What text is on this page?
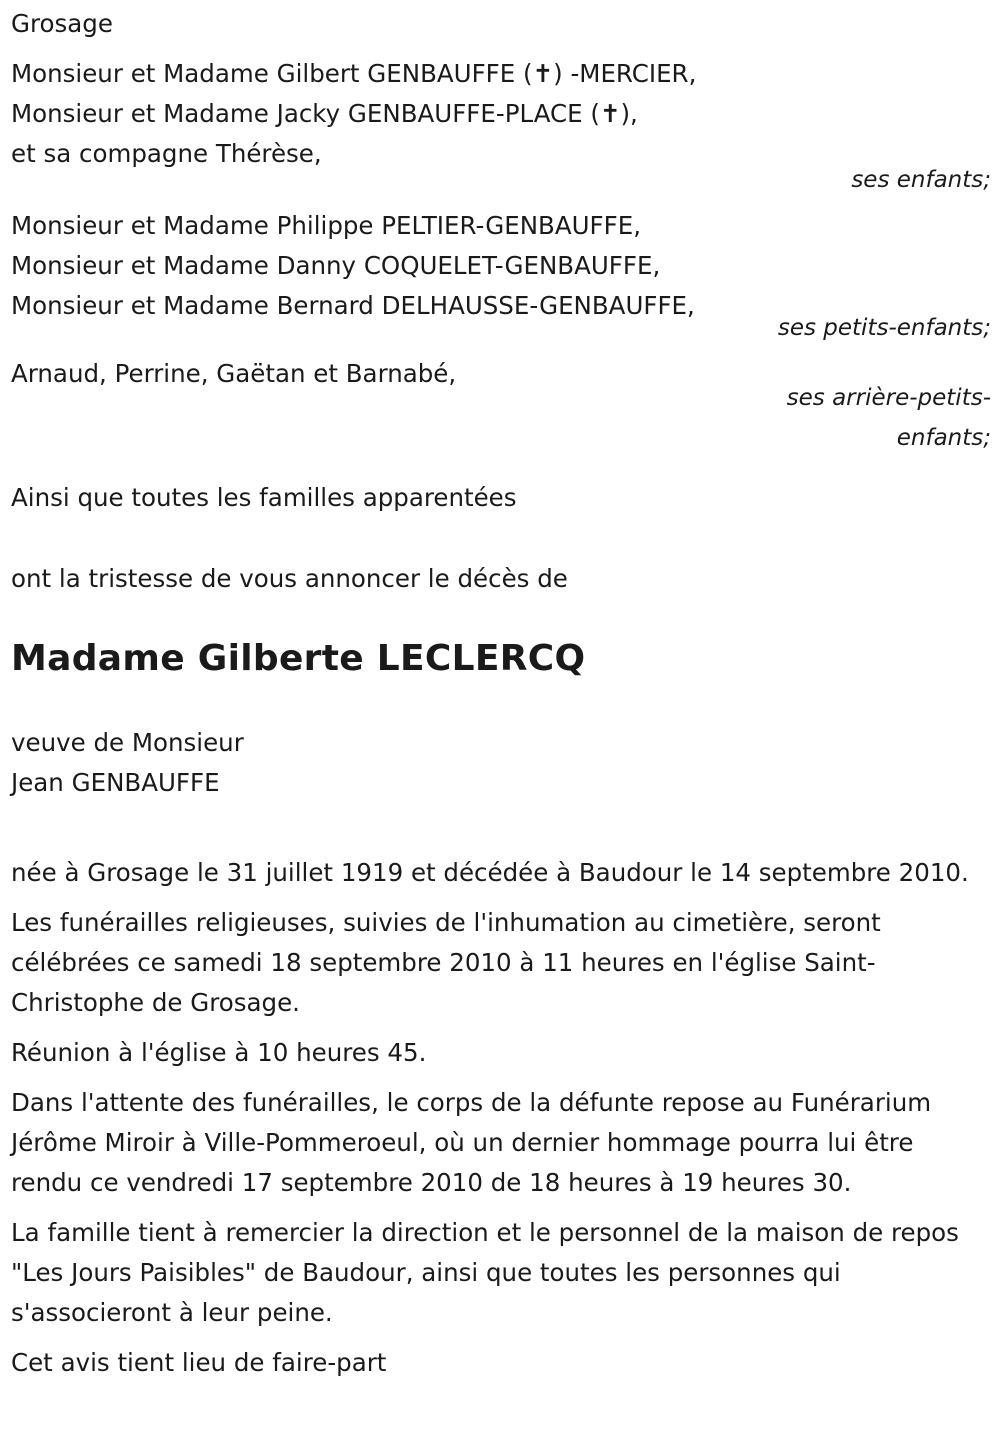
Grosage
Monsieur et Madame Gilbert GENBAUFFE (✝) -MERCIER,
Monsieur et Madame Jacky GENBAUFFE-PLACE (✝),
et sa compagne Thérèse,
ses enfants;
Monsieur et Madame Philippe PELTIER-GENBAUFFE,
Monsieur et Madame Danny COQUELET-GENBAUFFE,
Monsieur et Madame Bernard DELHAUSSE-GENBAUFFE,
ses petits-enfants;
Arnaud, Perrine, Gaëtan et Barnabé,
ses arrière-petits-
enfants;
Ainsi que toutes les familles apparentées
ont la tristesse de vous annoncer le décès de
Madame Gilberte LECLERCQ
veuve de Monsieur
Jean GENBAUFFE

née à Grosage le 31 juillet 1919 et décédée à Baudour le 14 septembre 2010.

Les funérailles religieuses, suivies de l'inhumation au cimetière, seront célébrées ce samedi 18 septembre 2010 à 11 heures en l'église Saint-Christophe de Grosage.

Réunion à l'église à 10 heures 45.

Dans l'attente des funérailles, le corps de la défunte repose au Funérarium Jérôme Miroir à Ville-Pommeroeul, où un dernier hommage pourra lui être rendu ce vendredi 17 septembre 2010 de 18 heures à 19 heures 30.

La famille tient à remercier la direction et le personnel de la maison de repos "Les Jours Paisibles" de Baudour, ainsi que toutes les personnes qui s'associeront à leur peine.

Cet avis tient lieu de faire-part
